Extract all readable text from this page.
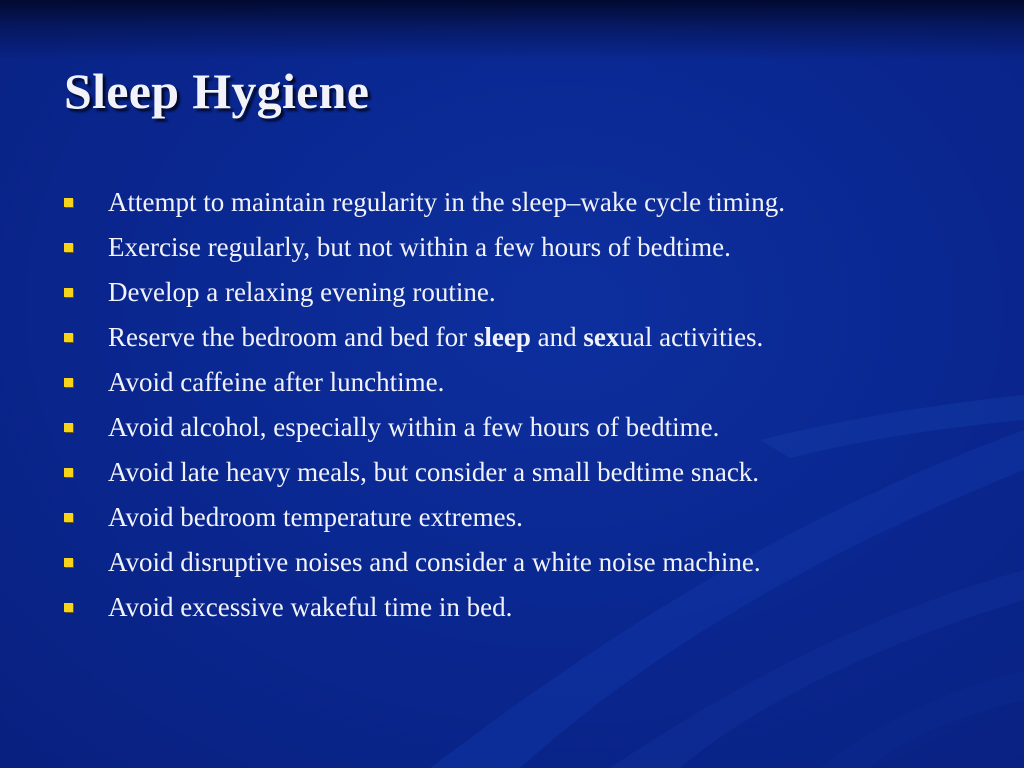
Sleep Hygiene
Attempt to maintain regularity in the sleep–wake cycle timing.
Exercise regularly, but not within a few hours of bedtime.
Develop a relaxing evening routine.
Reserve the bedroom and bed for sleep and sexual activities.
Avoid caffeine after lunchtime.
Avoid alcohol, especially within a few hours of bedtime.
Avoid late heavy meals, but consider a small bedtime snack.
Avoid bedroom temperature extremes.
Avoid disruptive noises and consider a white noise machine.
Avoid excessive wakeful time in bed.
